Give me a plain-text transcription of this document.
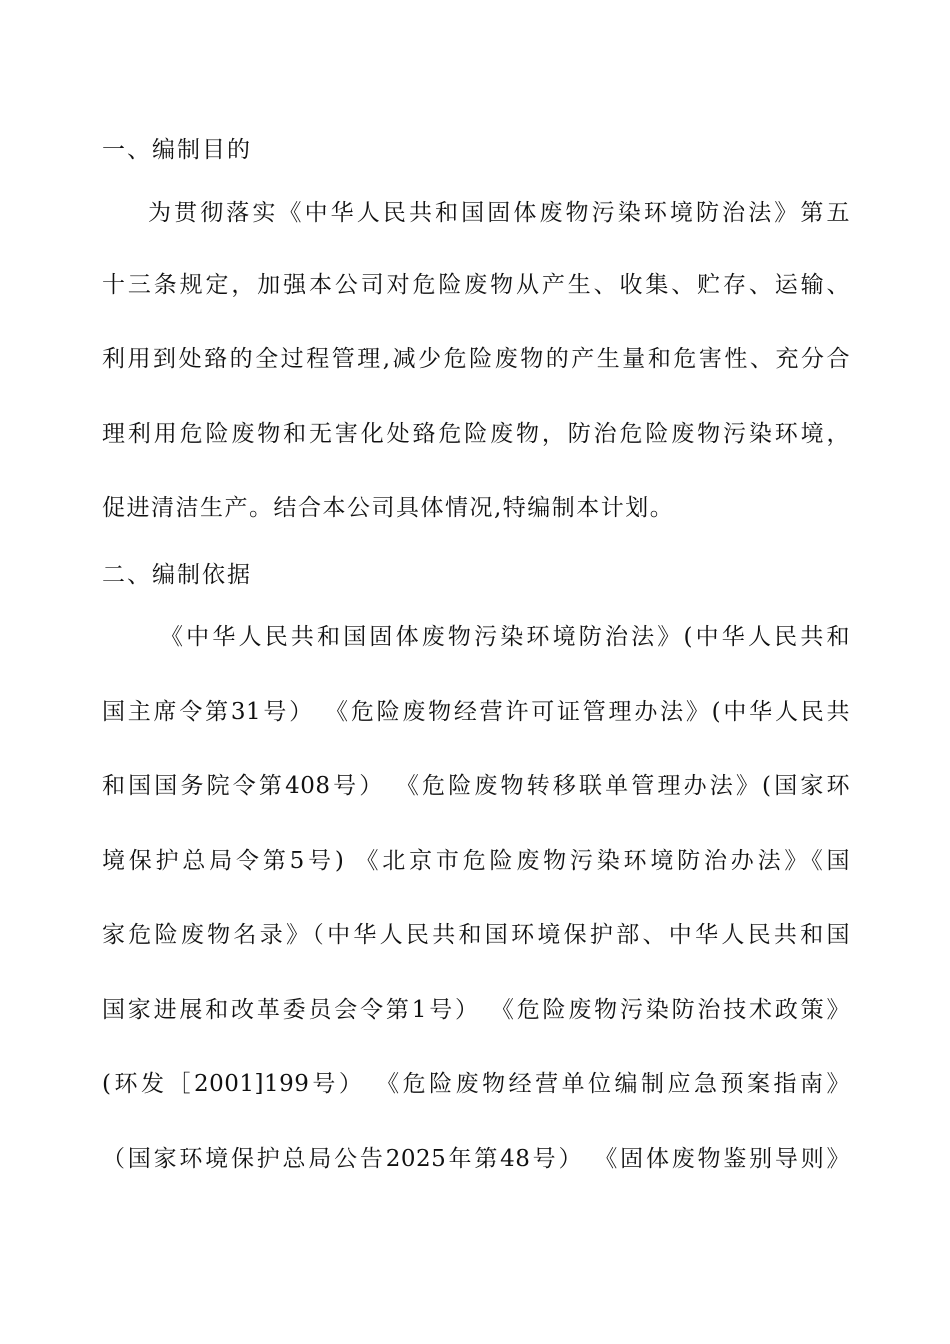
一、编制目的
为贯彻落实《中华人民共和国固体废物污染环境防治法》第五
十三条规定，加强本公司对危险废物从产生、收集、贮存、运输、
利用到处臵的全过程管理,减少危险废物的产生量和危害性、充分合
理利用危险废物和无害化处臵危险废物，防治危险废物污染环境，
促进清洁生产。结合本公司具体情况,特编制本计划。
二、编制依据
《中华人民共和国固体废物污染环境防治法》(中华人民共和
国主席令第31号） 《危险废物经营许可证管理办法》(中华人民共
和国国务院令第408号） 《危险废物转移联单管理办法》(国家环
境保护总局令第5号) 《北京市危险废物污染环境防治办法》《国
家危险废物名录》（中华人民共和国环境保护部、中华人民共和国
国家进展和改革委员会令第1号） 《危险废物污染防治技术政策》
(环发［2001]199号） 《危险废物经营单位编制应急预案指南》
（国家环境保护总局公告2025年第48号） 《固体废物鉴别导则》
